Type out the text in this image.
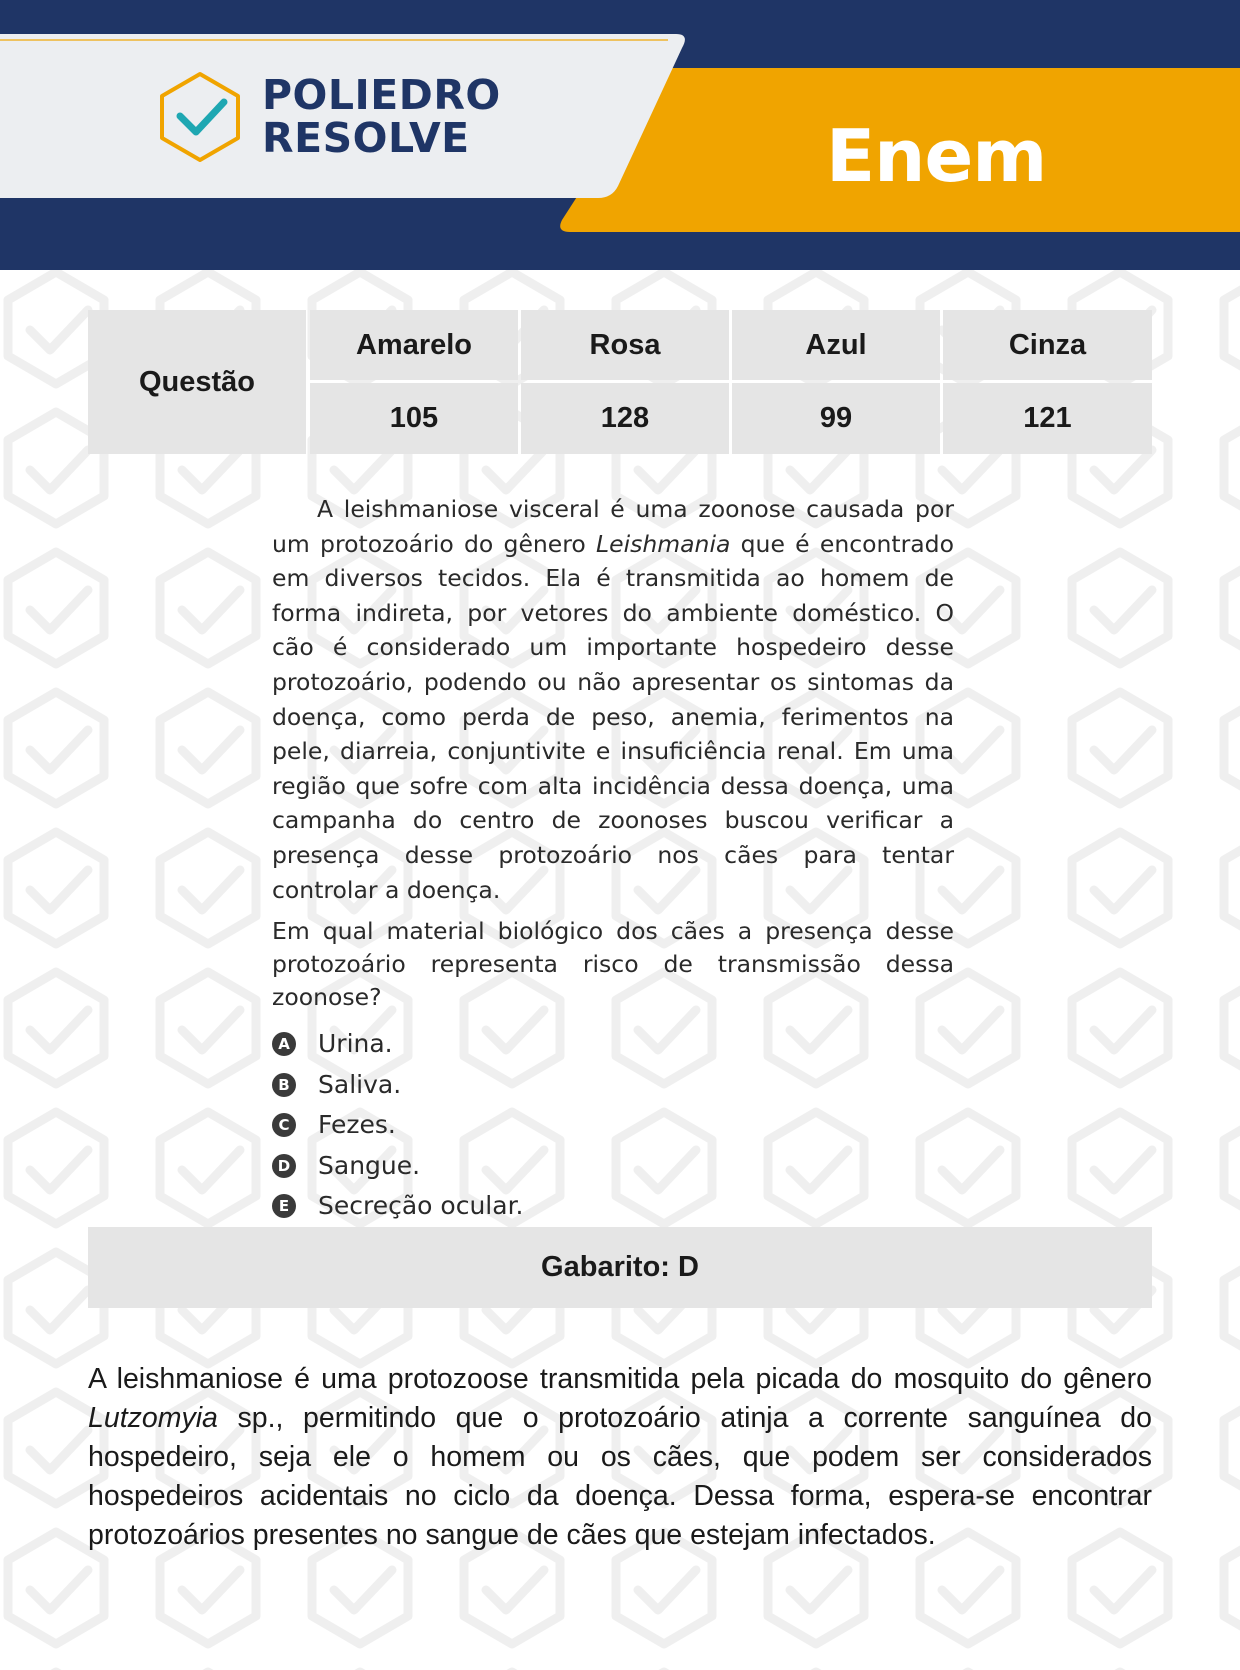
POLIEDRO
RESOLVE	Enem
Questão
Amarelo	Rosa	Azul	Cinza
105	128	99	121

A leishmaniose visceral é uma zoonose causada por um protozoário do gênero Leishmania que é encontrado em diversos tecidos. Ela é transmitida ao homem de forma indireta, por vetores do ambiente doméstico. O cão é considerado um importante hospedeiro desse protozoário, podendo ou não apresentar os sintomas da doença, como perda de peso, anemia, ferimentos na pele, diarreia, conjuntivite e insuficiência renal. Em uma região que sofre com alta incidência dessa doença, uma campanha do centro de zoonoses buscou verificar a presença desse protozoário nos cães para tentar controlar a doença.

Em qual material biológico dos cães a presença desse protozoário representa risco de transmissão dessa zoonose?

A Urina.
B Saliva.
C Fezes.
D Sangue.
E Secreção ocular.
Gabarito: D

A leishmaniose é uma protozoose transmitida pela picada do mosquito do gênero Lutzomyia sp., permitindo que o protozoário atinja a corrente sanguínea do hospedeiro, seja ele o homem ou os cães, que podem ser considerados hospedeiros acidentais no ciclo da doença. Dessa forma, espera-se encontrar protozoários presentes no sangue de cães que estejam infectados.
